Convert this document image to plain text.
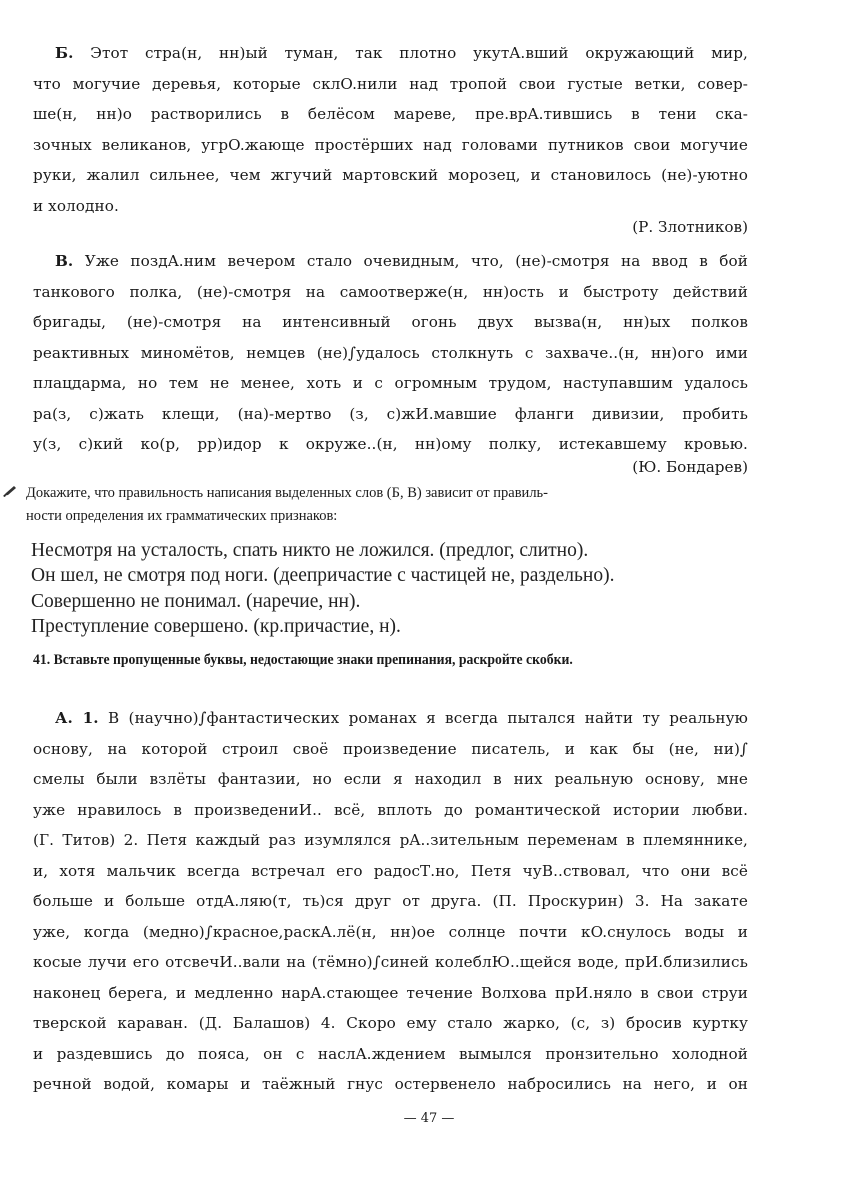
Б. Этот стра(н, нн)ый туман, так плотно укутA.вший окружающий мир,
что могучие деревья, которые склO.нили над тропой свои густые ветки, совер-
ше(н, нн)о растворились в белёсом мареве, прe.врA.тившись в тени ска-
зочных великанов, угрO.жающе простёрших над головами путников свои могучие
руки, жалил сильнее, чем жгучий мартовский морозец, и становилось (не)-уютно
и холодно.
(Р. Злотников)
В. Уже поздA.ним вечером стало очевидным, что, (не)-смотря на ввод в бой
танкового полка, (не)-смотря на самоотверже(н, нн)ость и быстроту действий
бригады, (не)-смотря на интенсивный огонь двух вызва(н, нн)ых полков
реактивных миномётов, немцев (не)∫удалось столкнуть с захвачe..(н, нн)ого ими
плацдарма, но тем не менее, хоть и с огромным трудом, наступавшим удалось
ра(з, с)жать клещи, (на)-мертво (з, с)жИ.мавшие фланги дивизии, пробить
у(з, с)кий ко(р, рр)идор к окружe..(н, нн)ому полку, истекавшему кровью.
(Ю. Бондарев)
Докажите, что правильность написания выделенных слов (Б, В) зависит от правиль-
ности определения их грамматических признаков:
Несмотря на усталость, спать никто не ложился. (предлог, слитно).
Он шел, не смотря под ноги. (деепричастие с частицей не, раздельно).
Совершенно не понимал. (наречие, нн).
Преступление совершено. (кр.причастие, н).
41. Вставьте пропущенные буквы, недостающие знаки препинания, раскройте скобки.
А. 1. В (научно)∫фантастических романах я всегда пытался найти ту реальную
основу, на которой строил своё произведение писатель, и как бы (не, ни)∫
смелы были взлёты фантазии, но если я находил в них реальную основу, мне
уже нравилось в произведениИ.. всё, вплоть до романтической истории любви.
(Г. Титов) 2. Петя каждый раз изумлялся рA..зительным переменам в племяннике,
и, хотя мальчик всегда встречал его радосТ.но, Петя чуВ..ствовал, что они всё
больше и больше отдA.ляю(т, ть)ся друг от друга. (П. Проскурин) 3. На закате
уже, когда (медно)∫красное,раскA.лё(н, нн)ое солнце почти кO.снулось воды и
косые лучи его отсвечИ..вали на (тёмно)∫синей колеблЮ..щейся воде, прИ.близились
наконец берега, и медленно нарA.стающее течение Волхова прИ.няло в свои струи
тверской караван. (Д. Балашов) 4. Скоро ему стало жарко, (с, з) бросив куртку
и раздевшись до пояса, он с наслA.ждением вымылся пронзительно холодной
речной водой, комары и таёжный гнус остервенело набросились на него, и он
— 47 —
